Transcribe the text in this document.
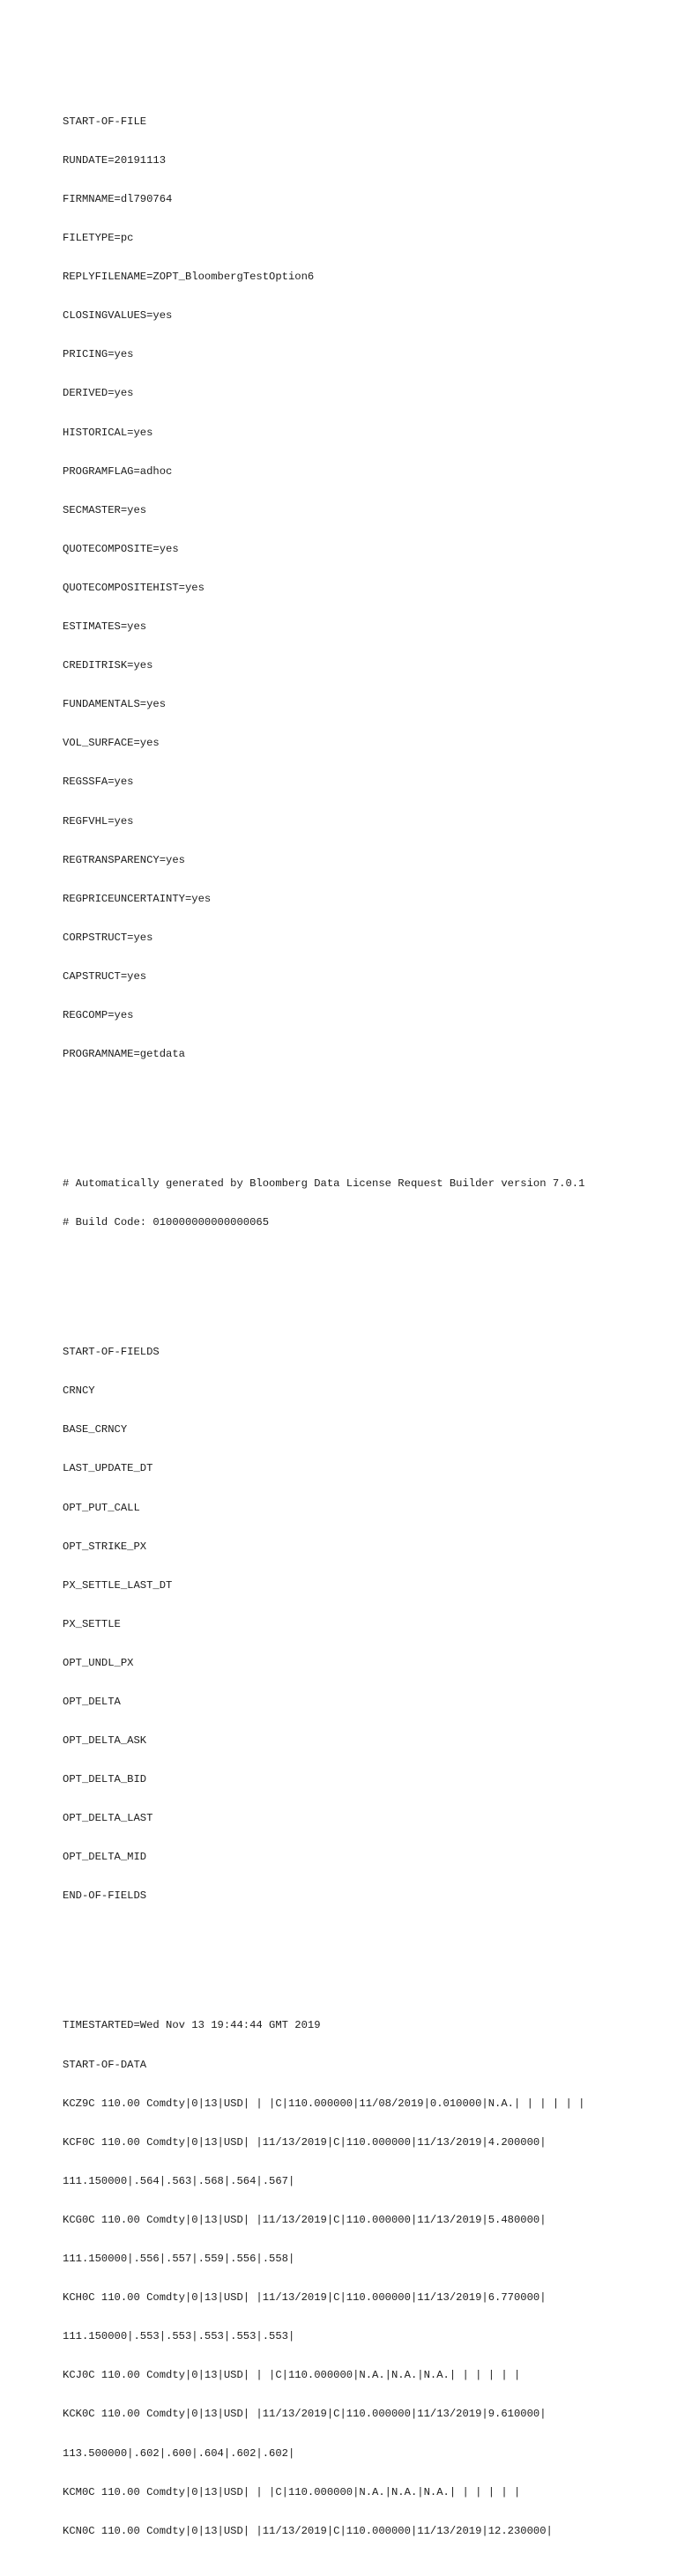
START-OF-FILE

RUNDATE=20191113

FIRMNAME=dl790764

FILETYPE=pc

REPLYFILENAME=ZOPT_BloombergTestOption6

CLOSINGVALUES=yes

PRICING=yes

DERIVED=yes

HISTORICAL=yes

PROGRAMFLAG=adhoc

SECMASTER=yes

QUOTECOMPOSITE=yes

QUOTECOMPOSITEHIST=yes

ESTIMATES=yes

CREDITRISK=yes

FUNDAMENTALS=yes

VOL_SURFACE=yes

REGSSFA=yes

REGFVHL=yes

REGTRANSPARENCY=yes

REGPRICEUNCERTAINTY=yes

CORPSTRUCT=yes

CAPSTRUCT=yes

REGCOMP=yes

PROGRAMNAME=getdata

# Automatically generated by Bloomberg Data License Request Builder version 7.0.1

# Build Code: 010000000000000065

START-OF-FIELDS

CRNCY

BASE_CRNCY

LAST_UPDATE_DT

OPT_PUT_CALL

OPT_STRIKE_PX

PX_SETTLE_LAST_DT

PX_SETTLE

OPT_UNDL_PX

OPT_DELTA

OPT_DELTA_ASK

OPT_DELTA_BID

OPT_DELTA_LAST

OPT_DELTA_MID

END-OF-FIELDS

TIMESTARTED=Wed Nov 13 19:44:44 GMT 2019

START-OF-DATA

KCZ9C 110.00 Comdty|0|13|USD| | |C|110.000000|11/08/2019|0.010000|N.A.| | | | | |

KCF0C 110.00 Comdty|0|13|USD| |11/13/2019|C|110.000000|11/13/2019|4.200000|

111.150000|.564|.563|.568|.564|.567|

KCG0C 110.00 Comdty|0|13|USD| |11/13/2019|C|110.000000|11/13/2019|5.480000|

111.150000|.556|.557|.559|.556|.558|

KCH0C 110.00 Comdty|0|13|USD| |11/13/2019|C|110.000000|11/13/2019|6.770000|

111.150000|.553|.553|.553|.553|.553|

KCJ0C 110.00 Comdty|0|13|USD| | |C|110.000000|N.A.|N.A.|N.A.| | | | | |

KCK0C 110.00 Comdty|0|13|USD| |11/13/2019|C|110.000000|11/13/2019|9.610000|

113.500000|.602|.600|.604|.602|.602|

KCM0C 110.00 Comdty|0|13|USD| | |C|110.000000|N.A.|N.A.|N.A.| | | | | |

KCN0C 110.00 Comdty|0|13|USD| |11/13/2019|C|110.000000|11/13/2019|12.230000|
